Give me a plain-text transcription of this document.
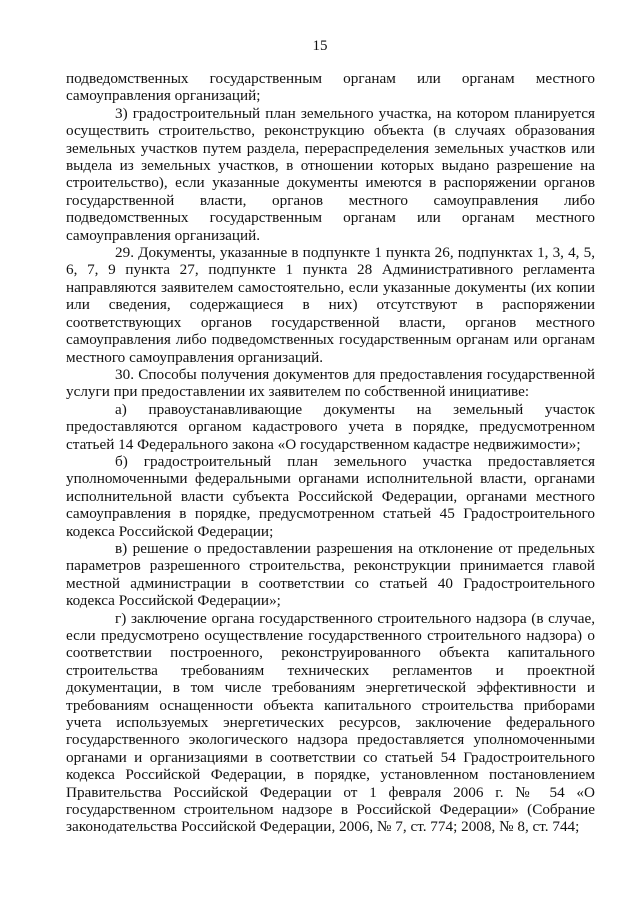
15

подведомственных государственным органам или органам местного самоуправления организаций;

3) градостроительный план земельного участка, на котором планируется осуществить строительство, реконструкцию объекта (в случаях образования земельных участков путем раздела, перераспределения земельных участков или выдела из земельных участков, в отношении которых выдано разрешение на строительство), если указанные документы имеются в распоряжении органов государственной власти, органов местного самоуправления либо подведомственных государственным органам или органам местного самоуправления организаций.

29. Документы, указанные в подпункте 1 пункта 26, подпунктах 1, 3, 4, 5, 6, 7, 9 пункта 27, подпункте 1 пункта 28 Административного регламента направляются заявителем самостоятельно, если указанные документы (их копии или сведения, содержащиеся в них) отсутствуют в распоряжении соответствующих органов государственной власти, органов местного самоуправления либо подведомственных государственным органам или органам местного самоуправления организаций.

30. Способы получения документов для предоставления государственной услуги при предоставлении их заявителем по собственной инициативе:

а) правоустанавливающие документы на земельный участок предоставляются органом кадастрового учета в порядке, предусмотренном статьей 14 Федерального закона «О государственном кадастре недвижимости»;

б) градостроительный план земельного участка предоставляется уполномоченными федеральными органами исполнительной власти, органами исполнительной власти субъекта Российской Федерации, органами местного самоуправления в порядке, предусмотренном статьей 45 Градостроительного кодекса Российской Федерации;

в) решение о предоставлении разрешения на отклонение от предельных параметров разрешенного строительства, реконструкции принимается главой местной администрации в соответствии со статьей 40 Градостроительного кодекса Российской Федерации»;

г) заключение органа государственного строительного надзора (в случае, если предусмотрено осуществление государственного строительного надзора) о соответствии построенного, реконструированного объекта капитального строительства требованиям технических регламентов и проектной документации, в том числе требованиям энергетической эффективности и требованиям оснащенности объекта капитального строительства приборами учета используемых энергетических ресурсов, заключение федерального государственного экологического надзора предоставляется уполномоченными органами и организациями в соответствии со статьей 54 Градостроительного кодекса Российской Федерации, в порядке, установленном постановлением Правительства Российской Федерации от 1 февраля 2006 г. № 54 «О государственном строительном надзоре в Российской Федерации» (Собрание законодательства Российской Федерации, 2006, № 7, ст. 774; 2008, № 8, ст. 744;
